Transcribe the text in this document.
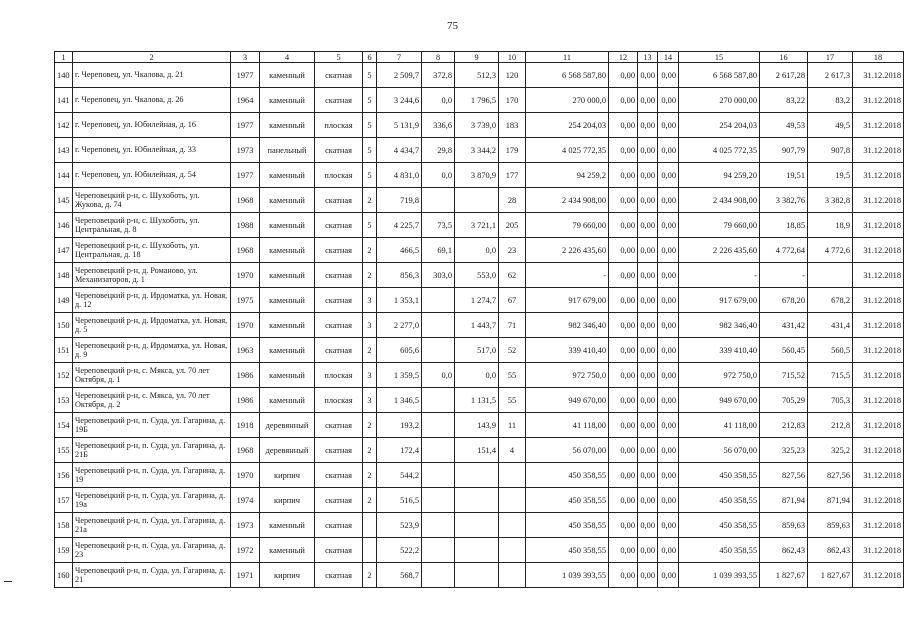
75
1	2	3	4	5	6	7	8	9	10	11	12	13	14	15	16	17	18
140	г. Череповец, ул. Чкалова, д. 21	1977	каменный	скатная	5	2 509,7	372,8	512,3	120	6 568 587,80	0,00	0,00	0,00	6 568 587,80	2 617,28	2 617,3	31.12.2018
141	г. Череповец, ул. Чкалова, д. 26	1964	каменный	скатная	5	3 244,6	0,0	1 796,5	170	270 000,0	0,00	0,00	0,00	270 000,00	83,22	83,2	31.12.2018
142	г. Череповец, ул. Юбилейная, д. 16	1977	каменный	плоская	5	5 131,9	336,6	3 739,0	183	254 204,03	0,00	0,00	0,00	254 204,03	49,53	49,5	31.12.2018
143	г. Череповец, ул. Юбилейная, д. 33	1973	панельный	скатная	5	4 434,7	29,8	3 344,2	179	4 025 772,35	0,00	0,00	0,00	4 025 772,35	907,79	907,8	31.12.2018
144	г. Череповец, ул. Юбилейная, д. 54	1977	каменный	плоская	5	4 831,0	0,0	3 870,9	177	94 259,2	0,00	0,00	0,00	94 259,20	19,51	19,5	31.12.2018
145	Череповецкий р-н, с. Шухоботь, ул. Жукова, д. 74	1968	каменный	скатная	2	719,8			28	2 434 908,00	0,00	0,00	0,00	2 434 908,00	3 382,76	3 382,8	31.12.2018
146	Череповецкий р-н, с. Шухоботь, ул. Центральная, д. 8	1988	каменный	скатная	5	4 225,7	73,5	3 721,1	205	79 660,00	0,00	0,00	0,00	79 660,00	18,85	18,9	31.12.2018
147	Череповецкий р-н, с. Шухоботь, ул. Центральная, д. 18	1968	каменный	скатная	2	466,5	69,1	0,0	23	2 226 435,60	0,00	0,00	0,00	2 226 435,60	4 772,64	4 772,6	31.12.2018
148	Череповецкий р-н, д. Романово, ул. Механизаторов, д. 1	1970	каменный	скатная	2	856,3	303,0	553,0	62	-	0,00	0,00	0,00	-	-		31.12.2018
149	Череповецкий р-н, д. Ирдоматка, ул. Новая, д. 12	1975	каменный	скатная	3	1 353,1		1 274,7	67	917 679,00	0,00	0,00	0,00	917 679,00	678,20	678,2	31.12.2018
150	Череповецкий р-н, д. Ирдоматка, ул. Новая, д. 5	1970	каменный	скатная	3	2 277,0		1 443,7	71	982 346,40	0,00	0,00	0,00	982 346,40	431,42	431,4	31.12.2018
151	Череповецкий р-н, д. Ирдоматка, ул. Новая, д. 9	1963	каменный	скатная	2	605,6		517,0	52	339 410,40	0,00	0,00	0,00	339 410,40	560,45	560,5	31.12.2018
152	Череповецкий р-н, с. Мякса, ул. 70 лет Октября, д. 1	1986	каменный	плоская	3	1 359,5	0,0	0,0	55	972 750,0	0,00	0,00	0,00	972 750,0	715,52	715,5	31.12.2018
153	Череповецкий р-н, с. Мякса, ул. 70 лет Октября, д. 2	1986	каменный	плоская	3	1 346,5		1 131,5	55	949 670,00	0,00	0,00	0,00	949 670,00	705,29	705,3	31.12.2018
154	Череповецкий р-н, п. Суда, ул. Гагарина, д. 19Б	1918	деревянный	скатная	2	193,2		143,9	11	41 118,00	0,00	0,00	0,00	41 118,00	212,83	212,8	31.12.2018
155	Череповецкий р-н, п. Суда, ул. Гагарина, д. 21Б	1968	деревянный	скатная	2	172,4		151,4	4	56 070,00	0,00	0,00	0,00	56 070,00	325,23	325,2	31.12.2018
156	Череповецкий р-н, п. Суда, ул. Гагарина, д. 19	1970	кирпич	скатная	2	544,2				450 358,55	0,00	0,00	0,00	450 358,55	827,56	827,56	31.12.2018
157	Череповецкий р-н, п. Суда, ул. Гагарина, д. 19а	1974	кирпич	скатная	2	516,5				450 358,55	0,00	0,00	0,00	450 358,55	871,94	871,94	31.12.2018
158	Череповецкий р-н, п. Суда, ул. Гагарина, д. 21а	1973	каменный	скатная		523,9				450 358,55	0,00	0,00	0,00	450 358,55	859,63	859,63	31.12.2018
159	Череповецкий р-н, п. Суда, ул. Гагарина, д. 23	1972	каменный	скатная		522,2				450 358,55	0,00	0,00	0,00	450 358,55	862,43	862,43	31.12.2018
160	Череповецкий р-н, п. Суда, ул. Гагарина, д. 21	1971	кирпич	скатная	2	568,7				1 039 393,55	0,00	0,00	0,00	1 039 393,55	1 827,67	1 827,67	31.12.2018
